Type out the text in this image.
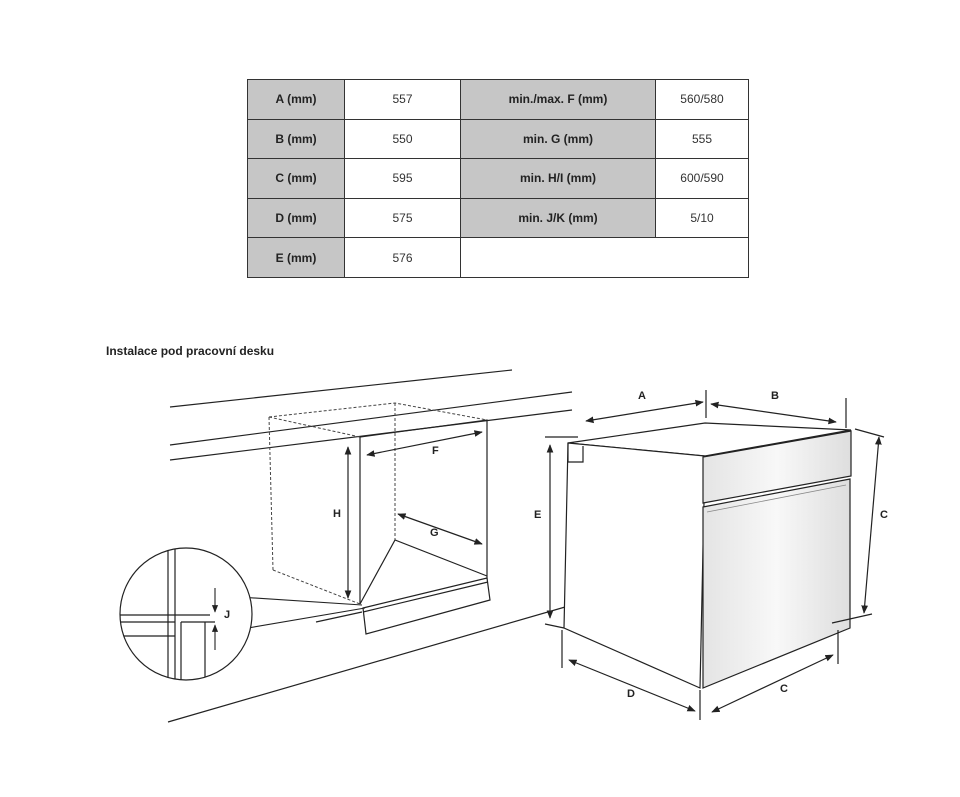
A (mm)	557	min./max. F (mm)	560/580
B (mm)	550	min. G (mm)	555
C (mm)	595	min. H/I (mm)	600/590
D (mm)	575	min. J/K (mm)	5/10
E (mm)	576		
Instalace pod pracovní desku
F
G
H
J
A	B
E	C
D	C
